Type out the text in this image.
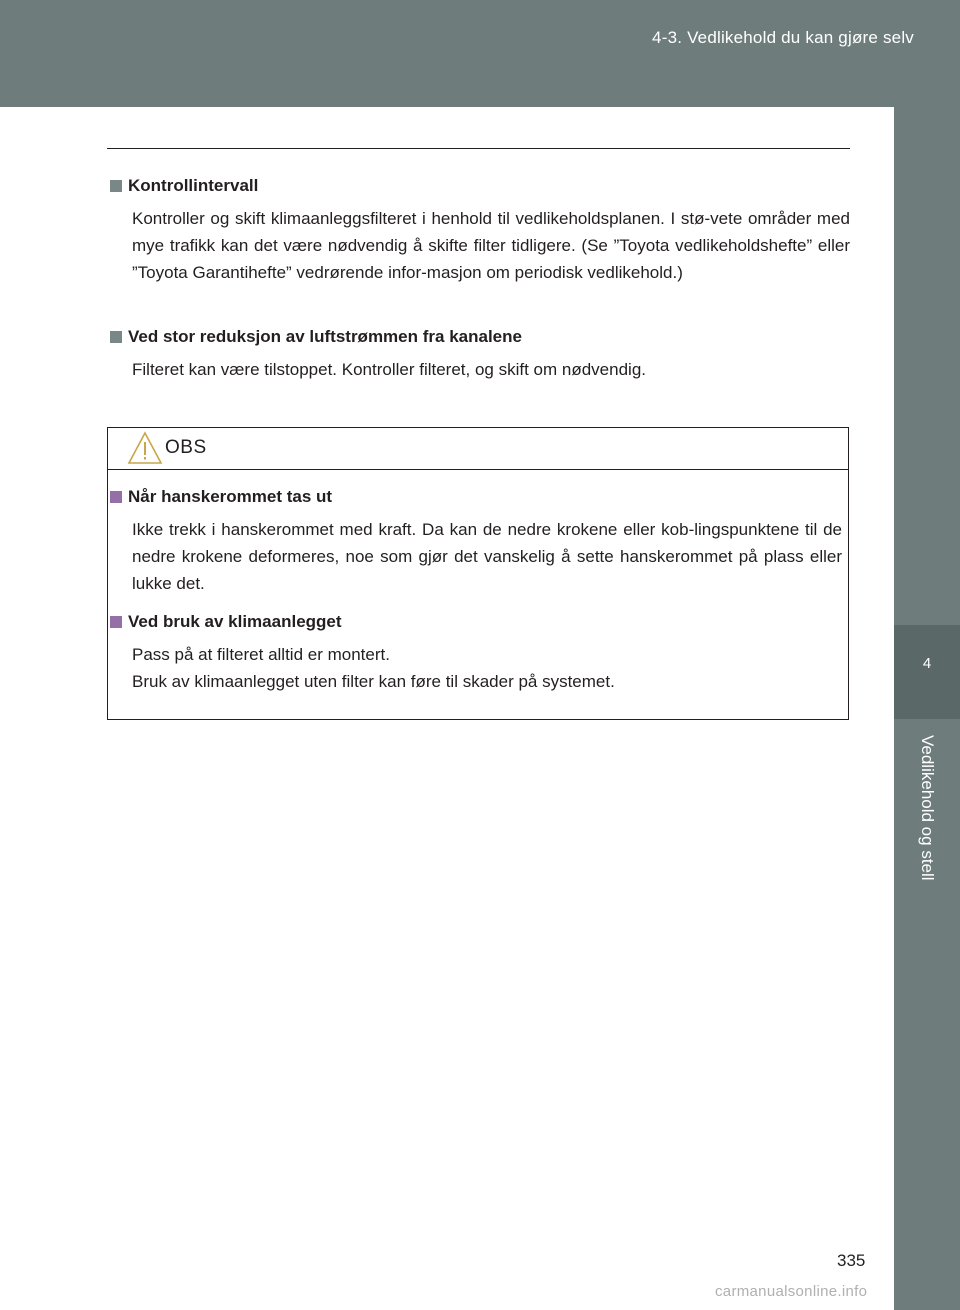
4-3. Vedlikehold du kan gjøre selv
4
Vedlikehold og stell
Kontrollintervall
Kontroller og skift klimaanleggsfilteret i henhold til vedlikeholdsplanen. I stø-vete områder med mye trafikk kan det være nødvendig å skifte filter tidligere. (Se ”Toyota vedlikeholdshefte” eller ”Toyota Garantihefte” vedrørende infor-masjon om periodisk vedlikehold.)
Ved stor reduksjon av luftstrømmen fra kanalene
Filteret kan være tilstoppet. Kontroller filteret, og skift om nødvendig.
OBS
Når hanskerommet tas ut
Ikke trekk i hanskerommet med kraft. Da kan de nedre krokene eller kob-lingspunktene til de nedre krokene deformeres, noe som gjør det vanskelig å sette hanskerommet på plass eller lukke det.
Ved bruk av klimaanlegget
Pass på at filteret alltid er montert.
Bruk av klimaanlegget uten filter kan føre til skader på systemet.
335
carmanualsonline.info
